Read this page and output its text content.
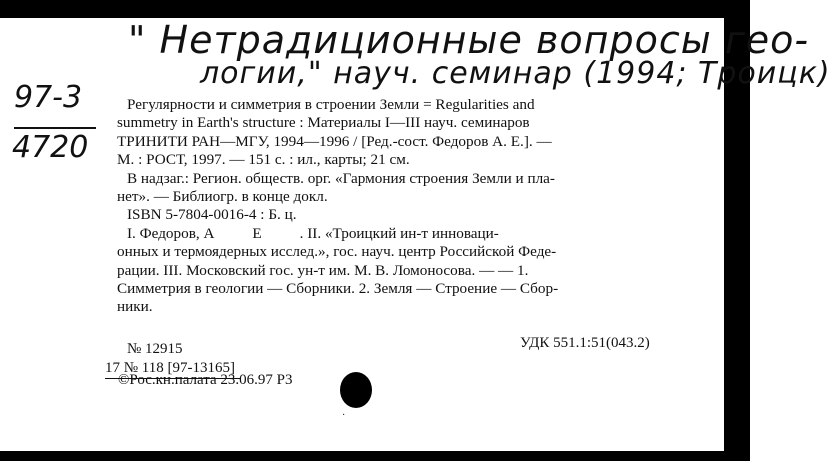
" Нетрадиционные вопросы гео-
логии," науч. семинар (1994; Троицк)
97-3
4720
Регулярности и симметрия в строении Земли = Regularities and
summetry in Earth's structure : Материалы I—III науч. семинаров
ТРИНИТИ РАН—МГУ, 1994—1996 / [Ред.-сост. Федоров А. Е.]. —
М. : РОСТ, 1997. — 151 с. : ил., карты; 21 см.
В надзаг.: Регион. обществ. орг. «Гармония строения Земли и пла-
нет». — Библиогр. в конце докл.
ISBN 5-7804-0016-4 : Б. ц.
I. Федоров, А          Е          . II. «Троицкий ин-т инноваци-
онных и термоядерных исслед.», гос. науч. центр Российской Феде-
рации. III. Московский гос. ун-т им. М. В. Ломоносова. — — 1.
Симметрия в геологии — Сборники. 2. Земля — Строение — Сбор-
ники.
№ 12915
17 № 118 [97-13165]
УДК 551.1:51(043.2)
©Рос.кн.палата 23.06.97 P3
·
